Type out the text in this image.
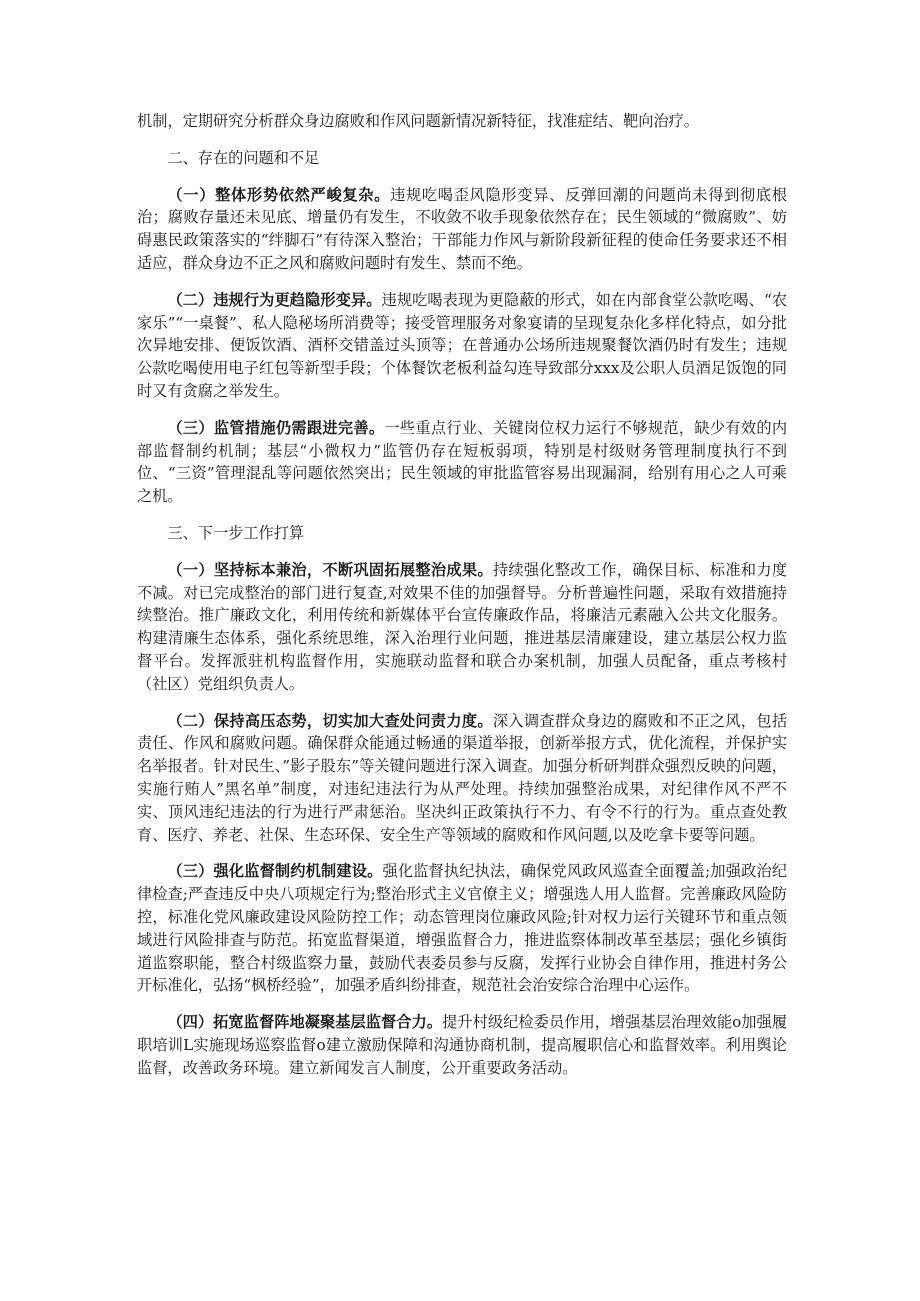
机制，定期研究分析群众身边腐败和作风问题新情况新特征，找准症结、靶向治疗。

二、存在的问题和不足

（一）整体形势依然严峻复杂。违规吃喝歪风隐形变异、反弹回潮的问题尚未得到彻底根治；腐败存量还未见底、增量仍有发生，不收敛不收手现象依然存在；民生领域的“微腐败”、妨碍惠民政策落实的“绊脚石”有待深入整治；干部能力作风与新阶段新征程的使命任务要求还不相适应，群众身边不正之风和腐败问题时有发生、禁而不绝。

（二）违规行为更趋隐形变异。违规吃喝表现为更隐蔽的形式，如在内部食堂公款吃喝、“农家乐”“一桌餐”、私人隐秘场所消费等；接受管理服务对象宴请的呈现复杂化多样化特点，如分批次异地安排、便饭饮酒、酒杯交错盖过头顶等；在普通办公场所违规聚餐饮酒仍时有发生；违规公款吃喝使用电子红包等新型手段；个体餐饮老板利益勾连导致部分xxx及公职人员酒足饭饱的同时又有贪腐之举发生。

（三）监管措施仍需跟进完善。一些重点行业、关键岗位权力运行不够规范，缺少有效的内部监督制约机制；基层“小微权力”监管仍存在短板弱项，特别是村级财务管理制度执行不到位、“三资”管理混乱等问题依然突出；民生领域的审批监管容易出现漏洞，给别有用心之人可乘之机。

三、下一步工作打算

（一）坚持标本兼治，不断巩固拓展整治成果。持续强化整改工作，确保目标、标准和力度不减。对已完成整治的部门进行复查,对效果不佳的加强督导。分析普遍性问题，采取有效措施持续整治。推广廉政文化，利用传统和新媒体平台宣传廉政作品，将廉洁元素融入公共文化服务。构建清廉生态体系，强化系统思维，深入治理行业问题，推进基层清廉建设，建立基层公权力监督平台。发挥派驻机构监督作用，实施联动监督和联合办案机制，加强人员配备，重点考核村（社区）党组织负责人。

（二）保持高压态势，切实加大查处问责力度。深入调查群众身边的腐败和不正之风，包括责任、作风和腐败问题。确保群众能通过畅通的渠道举报，创新举报方式，优化流程，并保护实名举报者。针对民生、”影子股东”等关键问题进行深入调查。加强分析研判群众强烈反映的问题，实施行贿人”黑名单”制度，对违纪违法行为从严处理。持续加强整治成果，对纪律作风不严不实、顶风违纪违法的行为进行严肃惩治。坚决纠正政策执行不力、有令不行的行为。重点查处教育、医疗、养老、社保、生态环保、安全生产等领域的腐败和作风问题,以及吃拿卡要等问题。

（三）强化监督制约机制建设。强化监督执纪执法，确保党风政风巡查全面覆盖;加强政治纪律检查;严查违反中央八项规定行为;整治形式主义官僚主义；增强选人用人监督。完善廉政风险防控，标准化党风廉政建设风险防控工作；动态管理岗位廉政风险;针对权力运行关键环节和重点领域进行风险排查与防范。拓宽监督渠道，增强监督合力，推进监察体制改革至基层；强化乡镇街道监察职能，整合村级监察力量，鼓励代表委员参与反腐，发挥行业协会自律作用，推进村务公开标准化，弘扬“枫桥经验”，加强矛盾纠纷排查，规范社会治安综合治理中心运作。

（四）拓宽监督阵地凝聚基层监督合力。提升村级纪检委员作用，增强基层治理效能o加强履职培训L实施现场巡察监督o建立激励保障和沟通协商机制，提高履职信心和监督效率。利用舆论监督，改善政务环境。建立新闻发言人制度，公开重要政务活动。
